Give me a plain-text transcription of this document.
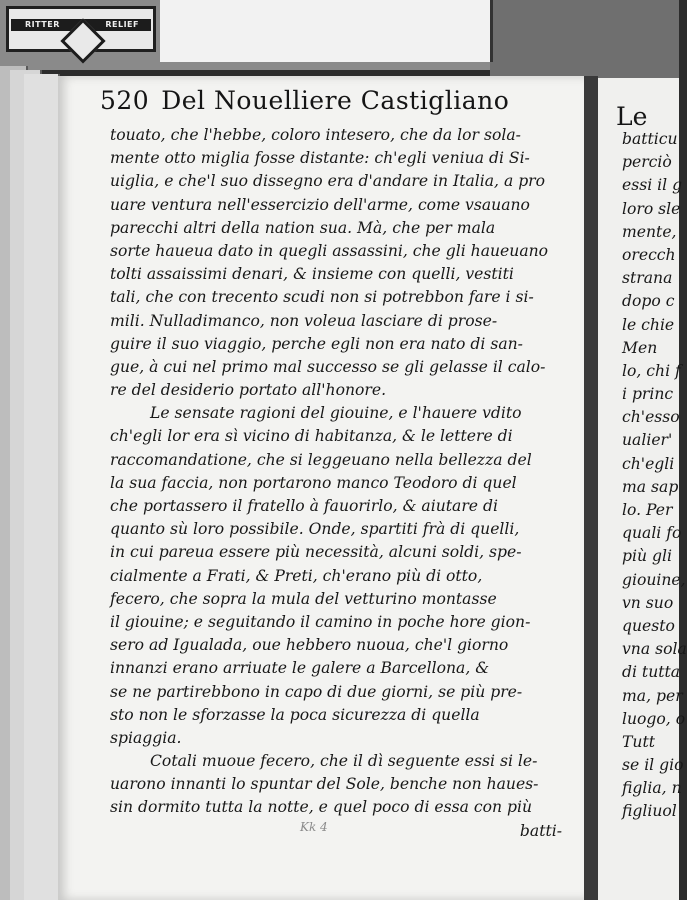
RITTER	RELIEF
520 Del Nouelliere Castigliano
touato, che l'hebbe, coloro intesero, che da lor sola-
mente otto miglia fosse distante: ch'egli veniua di Si-
uiglia, e che'l suo dissegno era d'andare in Italia, a pro
uare ventura nell'essercizio dell'arme, come vsauano
parecchi altri della nation sua. Mà, che per mala
sorte haueua dato in quegli assassini, che gli haueuano
tolti assaissimi denari, & insieme con quelli, vestiti
tali, che con trecento scudi non si potrebbon fare i si-
mili. Nulladimanco, non voleua lasciare di prose-
guire il suo viaggio, perche egli non era nato di san-
gue, à cui nel primo mal successo se gli gelasse il calo-
re del desiderio portato all'honore.
Le sensate ragioni del giouine, e l'hauere vdito
ch'egli lor era sì vicino di habitanza, & le lettere di
raccomandatione, che si leggeuano nella bellezza del
la sua faccia, non portarono manco Teodoro di quel
che portassero il fratello à fauorirlo, & aiutare di
quanto sù loro possibile. Onde, spartiti frà di quelli,
in cui pareua essere più necessità, alcuni soldi, spe-
cialmente a Frati, & Preti, ch'erano più di otto,
fecero, che sopra la mula del vetturino montasse
il giouine; e seguitando il camino in poche hore gion-
sero ad Igualada, oue hebbero nuoua, che'l giorno
innanzi erano arriuate le galere a Barcellona, &
se ne partirebbono in capo di due giorni, se più pre-
sto non le sforzasse la poca sicurezza di quella
spiaggia.
Cotali muoue fecero, che il dì seguente essi si le-
uarono innanti lo spuntar del Sole, benche non haues-
sin dormito tutta la notte, e quel poco di essa con più
batti-
Kk 4
Le
batticu
perciò
essi il g
loro sle
mente,
orecch
strana
dopo c
le chie
Men
lo, chi f
i princ
ch'esso
ualier'
ch'egli
ma sap
lo. Per
quali fo
più gli
giouine,
vn suo
questo
vna sola
di tutta
ma, per
luogo, o
Tutt
se il gio
figlia, n
figliuol
